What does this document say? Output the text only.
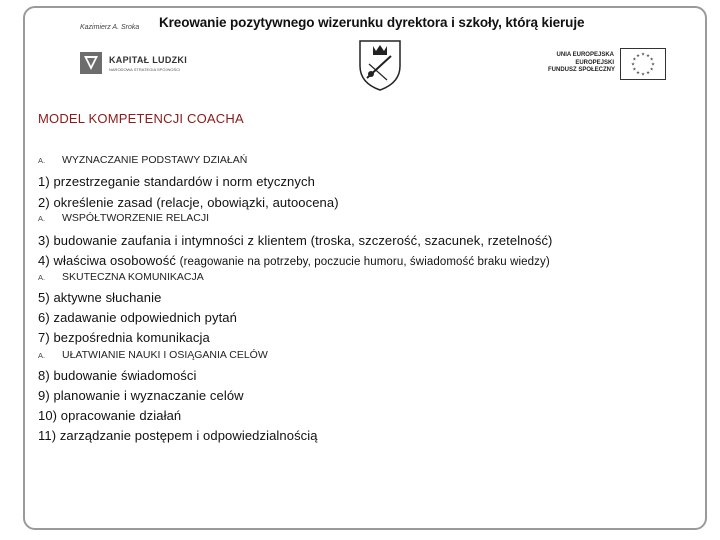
Kazimierz A. Sroka Kreowanie pozytywnego wizerunku dyrektora i szkoły, którą kieruje
KAPITAŁ LUDZKI
NARODOWA STRATEGIA SPÓJNOŚCI
UNIA EUROPEJSKA
EUROPEJSKI
FUNDUSZ SPOŁECZNY
★
★
★
★
★
★
★
★
★ ★ ★
★
MODEL KOMPETENCJI COACHA
A. WYZNACZANIE PODSTAWY DZIAŁAŃ
1) przestrzeganie standardów i norm etycznych
2) określenie zasad (relacje, obowiązki, autoocena)
A. WSPÓŁTWORZENIE RELACJI
3) budowanie zaufania i intymności z klientem (troska, szczerość, szacunek, rzetelność)
4) właściwa osobowość (reagowanie na potrzeby, poczucie humoru, świadomość braku wiedzy)
A. SKUTECZNA KOMUNIKACJA
5) aktywne słuchanie
6) zadawanie odpowiednich pytań
7) bezpośrednia komunikacja
A. UŁATWIANIE NAUKI I OSIĄGANIA CELÓW
8) budowanie świadomości
9) planowanie i wyznaczanie celów
10) opracowanie działań
11) zarządzanie postępem i odpowiedzialnością
